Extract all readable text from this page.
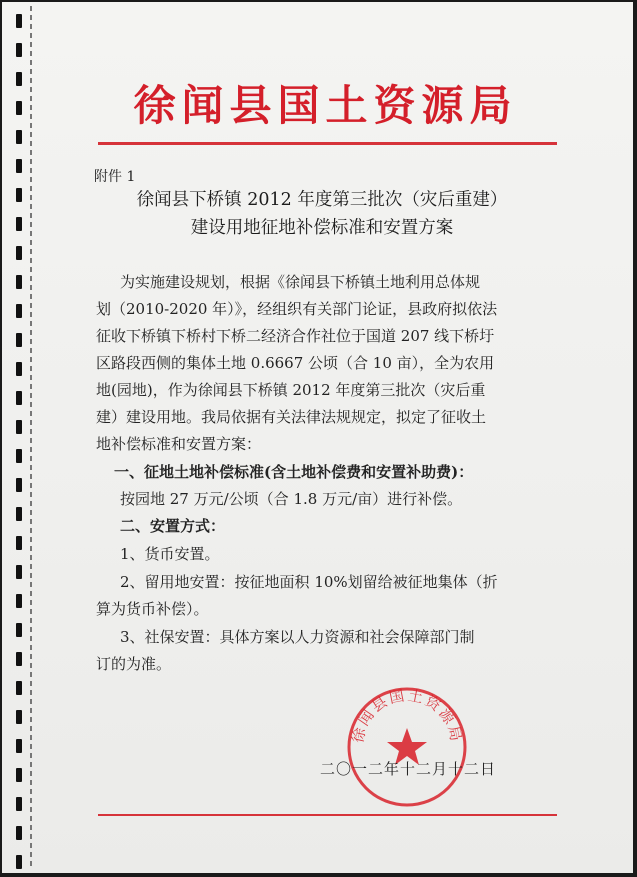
徐闻县国土资源局
附件 1
徐闻县下桥镇 2012 年度第三批次（灾后重建）
建设用地征地补偿标准和安置方案
为实施建设规划，根据《徐闻县下桥镇土地利用总体规
划（2010-2020 年）》，经组织有关部门论证，县政府拟依法
征收下桥镇下桥村下桥二经济合作社位于国道 207 线下桥圩
区路段西侧的集体土地 0.6667 公顷（合 10 亩），全为农用
地(园地)，作为徐闻县下桥镇 2012 年度第三批次（灾后重
建）建设用地。我局依据有关法律法规规定，拟定了征收土
地补偿标准和安置方案：
一、征地土地补偿标准(含土地补偿费和安置补助费)：
按园地 27 万元/公顷（合 1.8 万元/亩）进行补偿。
二、安置方式：
1、货币安置。
2、留用地安置：按征地面积 10%划留给被征地集体（折
算为货币补偿）。
3、社保安置：具体方案以人力资源和社会保障部门制
订的为准。
徐闻县国土资源局
二〇一二年十二月十二日
